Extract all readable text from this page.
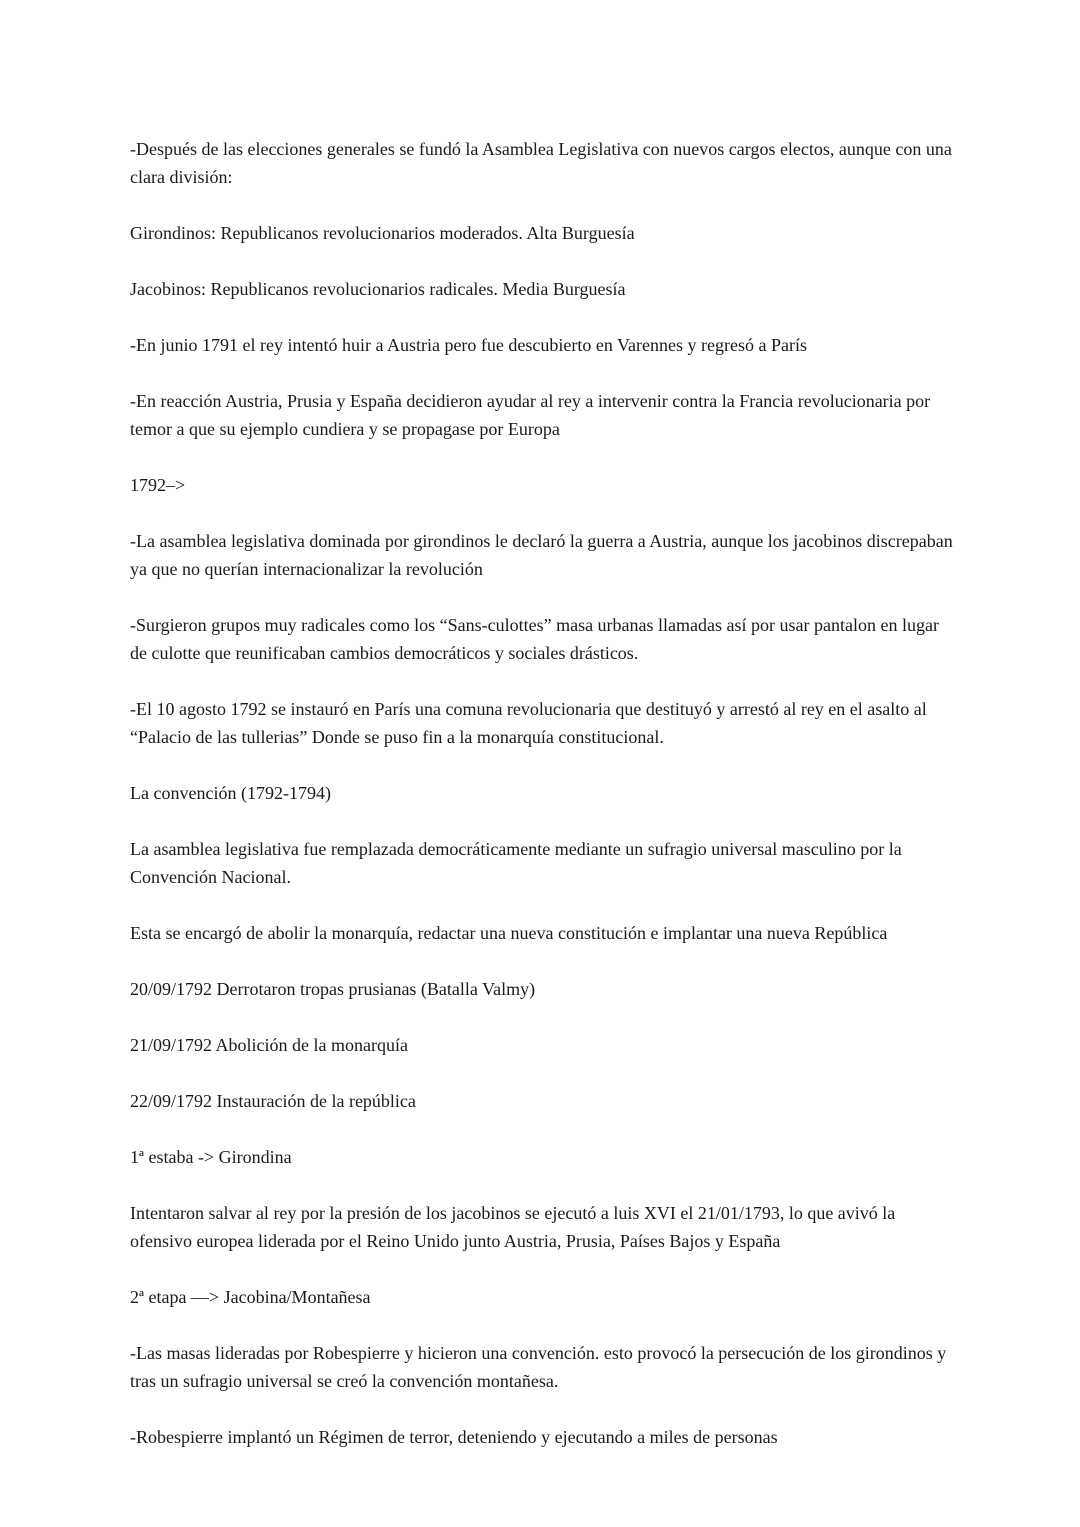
-Después de las elecciones generales se fundó la Asamblea Legislativa con nuevos cargos electos, aunque con una clara división:

Girondinos: Republicanos revolucionarios moderados. Alta Burguesía

Jacobinos: Republicanos revolucionarios radicales. Media Burguesía

-En junio 1791 el rey intentó huir a Austria pero fue descubierto en Varennes y regresó a París

-En reacción Austria, Prusia y España decidieron ayudar al rey a intervenir contra la Francia revolucionaria por temor a que su ejemplo cundiera y se propagase por Europa

1792–>

-La asamblea legislativa dominada por girondinos le declaró la guerra a Austria, aunque los jacobinos discrepaban ya que no querían internacionalizar la revolución

-Surgieron grupos muy radicales como los “Sans-culottes” masa urbanas llamadas así por usar pantalon en lugar de culotte que reunificaban cambios democráticos y sociales drásticos.

-El 10 agosto 1792 se instauró en París una comuna revolucionaria que destituyó y arrestó al rey en el asalto al “Palacio de las tullerias” Donde se puso fin a la monarquía constitucional.

La convención (1792-1794)

La asamblea legislativa fue remplazada democráticamente mediante un sufragio universal masculino por la Convención Nacional.

Esta se encargó de abolir la monarquía, redactar una nueva constitución e implantar una nueva República

20/09/1792 Derrotaron tropas prusianas (Batalla Valmy)

21/09/1792 Abolición de la monarquía

22/09/1792 Instauración de la república

1ª estaba -> Girondina

Intentaron salvar al rey por la presión de los jacobinos se ejecutó a luis XVI el 21/01/1793, lo que avivó la ofensivo europea liderada por el Reino Unido junto Austria, Prusia, Países Bajos y España

2ª etapa —> Jacobina/Montañesa

-Las masas lideradas por Robespierre y hicieron una convención. esto provocó la persecución de los girondinos y tras un sufragio universal se creó la convención montañesa.

-Robespierre implantó un Régimen de terror, deteniendo y ejecutando a miles de personas
